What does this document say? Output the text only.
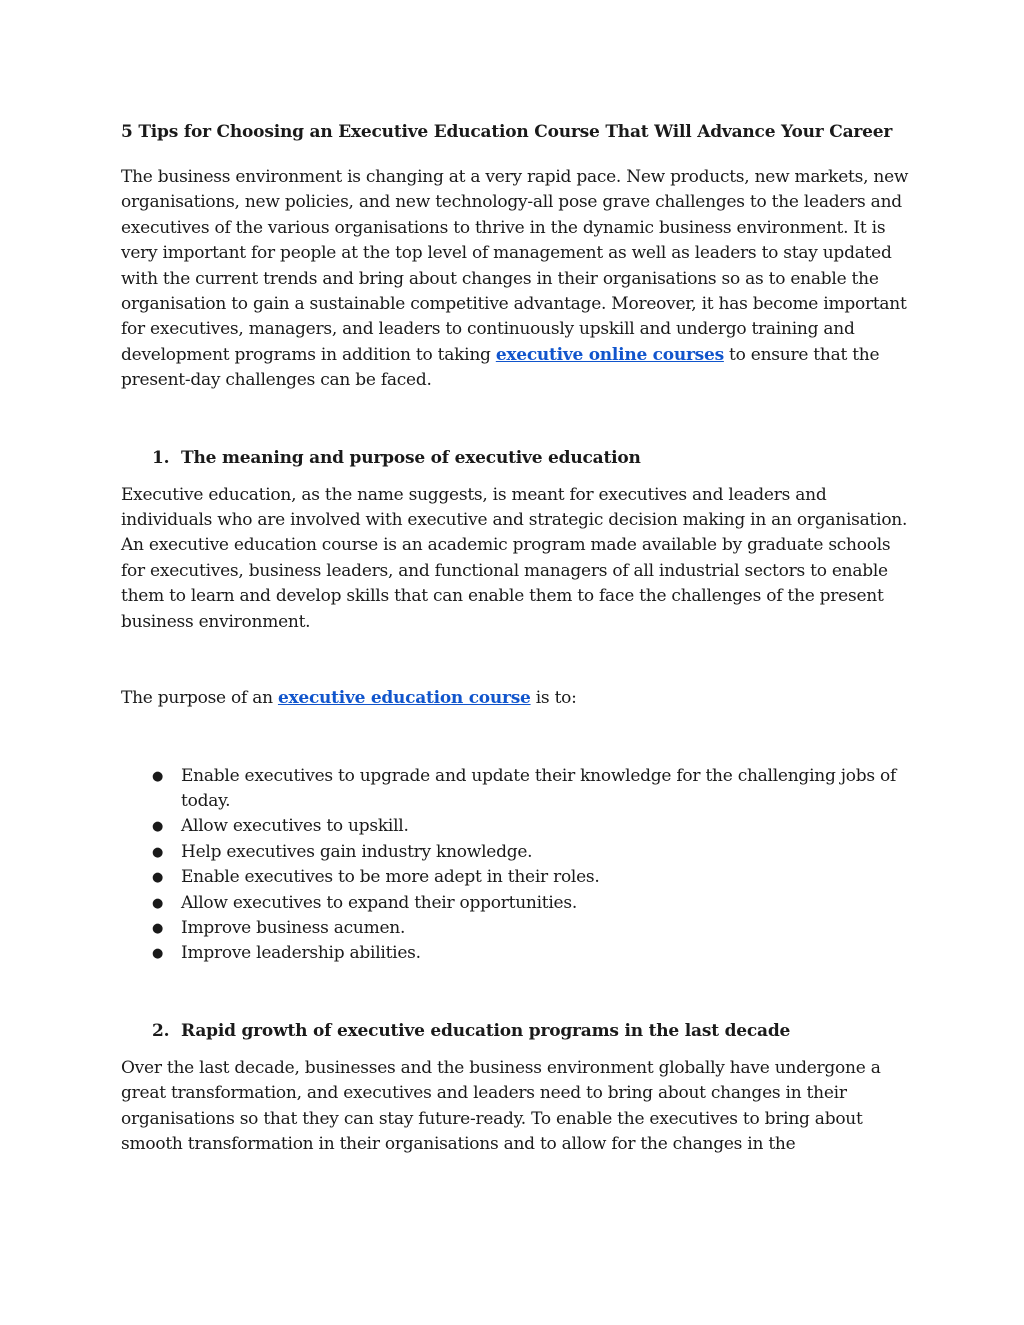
5 Tips for Choosing an Executive Education Course That Will Advance Your Career

The business environment is changing at a very rapid pace. New products, new markets, new organisations, new policies, and new technology-all pose grave challenges to the leaders and executives of the various organisations to thrive in the dynamic business environment. It is very important for people at the top level of management as well as leaders to stay updated with the current trends and bring about changes in their organisations so as to enable the organisation to gain a sustainable competitive advantage. Moreover, it has become important for executives, managers, and leaders to continuously upskill and undergo training and development programs in addition to taking executive online courses to ensure that the present-day challenges can be faced.

1. The meaning and purpose of executive education

Executive education, as the name suggests, is meant for executives and leaders and individuals who are involved with executive and strategic decision making in an organisation. An executive education course is an academic program made available by graduate schools for executives, business leaders, and functional managers of all industrial sectors to enable them to learn and develop skills that can enable them to face the challenges of the present business environment.

The purpose of an executive education course is to:

● Enable executives to upgrade and update their knowledge for the challenging jobs of today.
● Allow executives to upskill.
● Help executives gain industry knowledge.
● Enable executives to be more adept in their roles.
● Allow executives to expand their opportunities.
● Improve business acumen.
● Improve leadership abilities.
2. Rapid growth of executive education programs in the last decade

Over the last decade, businesses and the business environment globally have undergone a great transformation, and executives and leaders need to bring about changes in their organisations so that they can stay future-ready. To enable the executives to bring about smooth transformation in their organisations and to allow for the changes in the
